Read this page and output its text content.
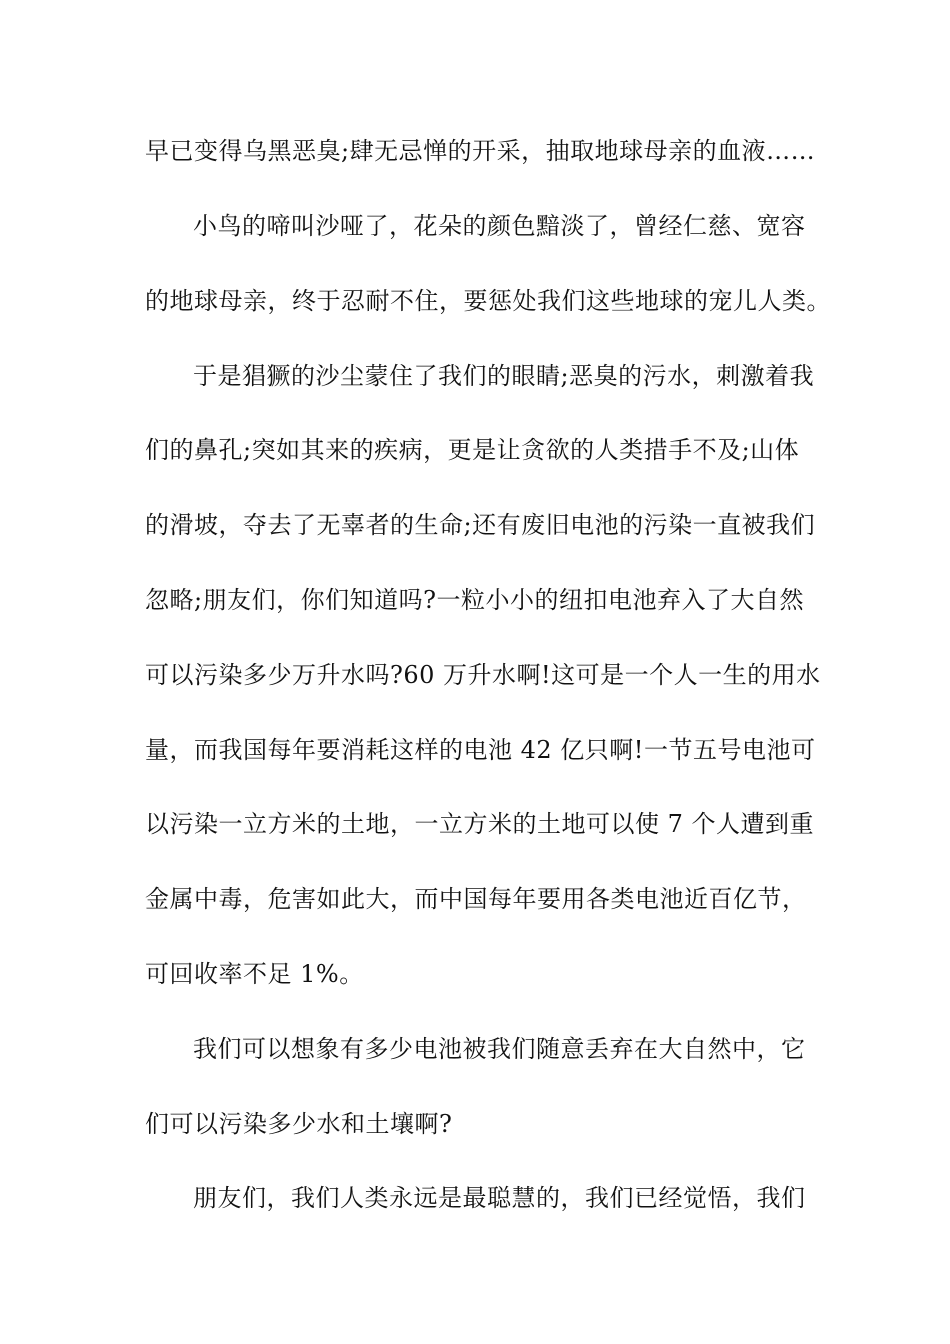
早已变得乌黑恶臭;肆无忌惮的开采，抽取地球母亲的血液……
小鸟的啼叫沙哑了，花朵的颜色黯淡了，曾经仁慈、宽容
的地球母亲，终于忍耐不住，要惩处我们这些地球的宠儿人类。
于是猖獗的沙尘蒙住了我们的眼睛;恶臭的污水，刺激着我
们的鼻孔;突如其来的疾病，更是让贪欲的人类措手不及;山体
的滑坡，夺去了无辜者的生命;还有废旧电池的污染一直被我们
忽略;朋友们，你们知道吗?一粒小小的纽扣电池弃入了大自然
可以污染多少万升水吗?60 万升水啊!这可是一个人一生的用水
量，而我国每年要消耗这样的电池 42 亿只啊!一节五号电池可
以污染一立方米的土地，一立方米的土地可以使 7 个人遭到重
金属中毒，危害如此大，而中国每年要用各类电池近百亿节，
可回收率不足 1%。
我们可以想象有多少电池被我们随意丢弃在大自然中，它
们可以污染多少水和土壤啊?
朋友们，我们人类永远是最聪慧的，我们已经觉悟，我们
